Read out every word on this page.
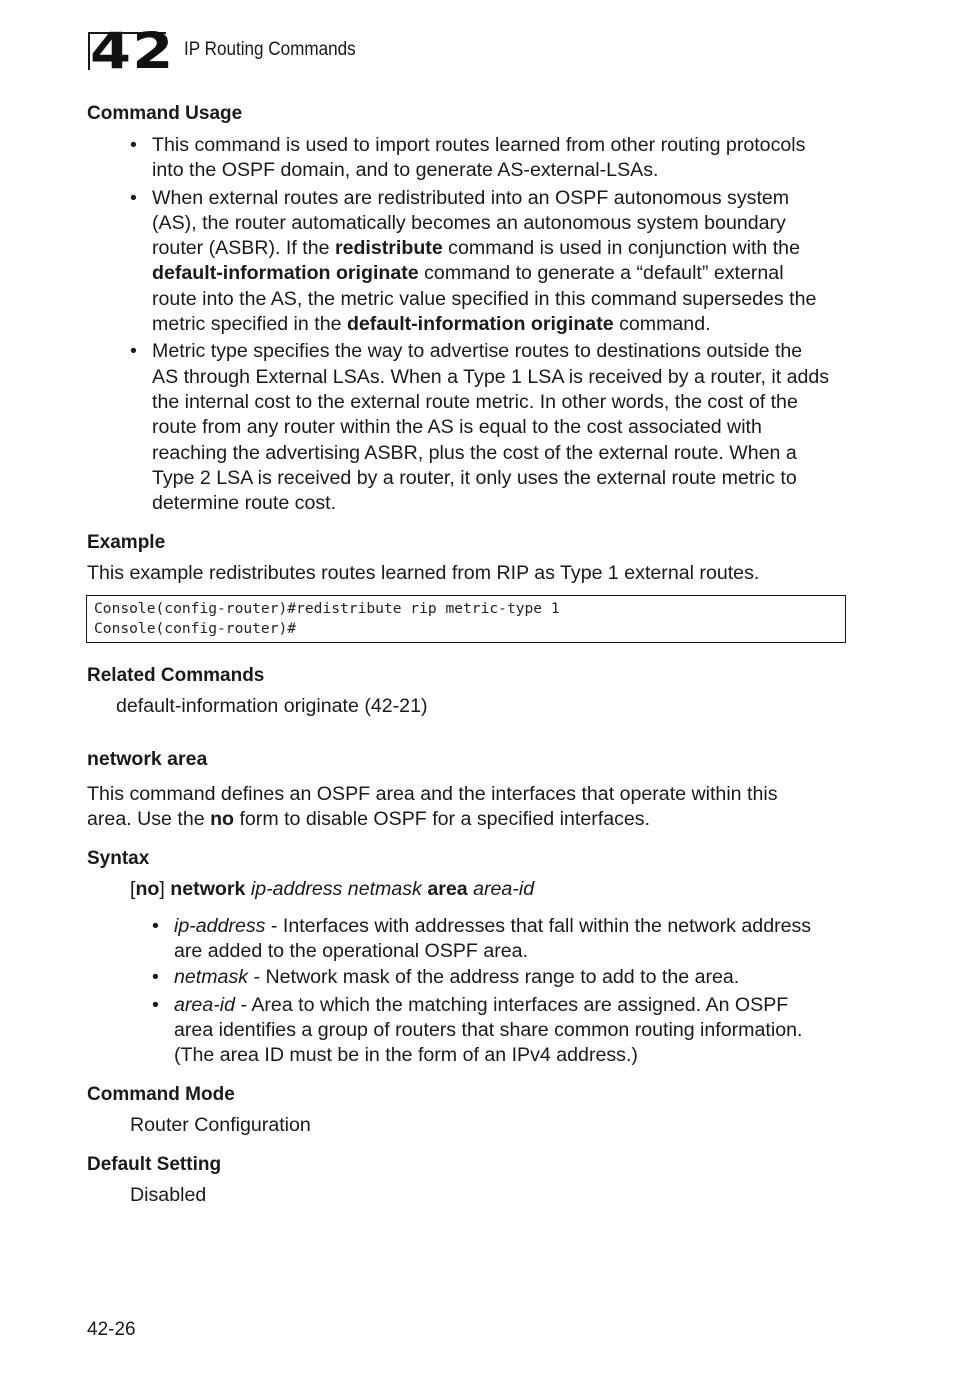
42 IP Routing Commands
Command Usage
• This command is used to import routes learned from other routing protocols
into the OSPF domain, and to generate AS-external-LSAs.
• When external routes are redistributed into an OSPF autonomous system
(AS), the router automatically becomes an autonomous system boundary
router (ASBR). If the redistribute command is used in conjunction with the
default-information originate command to generate a “default” external
route into the AS, the metric value specified in this command supersedes the
metric specified in the default-information originate command.
• Metric type specifies the way to advertise routes to destinations outside the
AS through External LSAs. When a Type 1 LSA is received by a router, it adds
the internal cost to the external route metric. In other words, the cost of the
route from any router within the AS is equal to the cost associated with
reaching the advertising ASBR, plus the cost of the external route. When a
Type 2 LSA is received by a router, it only uses the external route metric to
determine route cost.
Example
This example redistributes routes learned from RIP as Type 1 external routes.
Console(config-router)#redistribute rip metric-type 1
Console(config-router)#
Related Commands
default-information originate (42-21)
network area
This command defines an OSPF area and the interfaces that operate within this
area. Use the no form to disable OSPF for a specified interfaces.
Syntax
[no] network ip-address netmask area area-id
• ip-address - Interfaces with addresses that fall within the network address
are added to the operational OSPF area.
• netmask - Network mask of the address range to add to the area.
• area-id - Area to which the matching interfaces are assigned. An OSPF
area identifies a group of routers that share common routing information.
(The area ID must be in the form of an IPv4 address.)
Command Mode
Router Configuration
Default Setting
Disabled
42-26
